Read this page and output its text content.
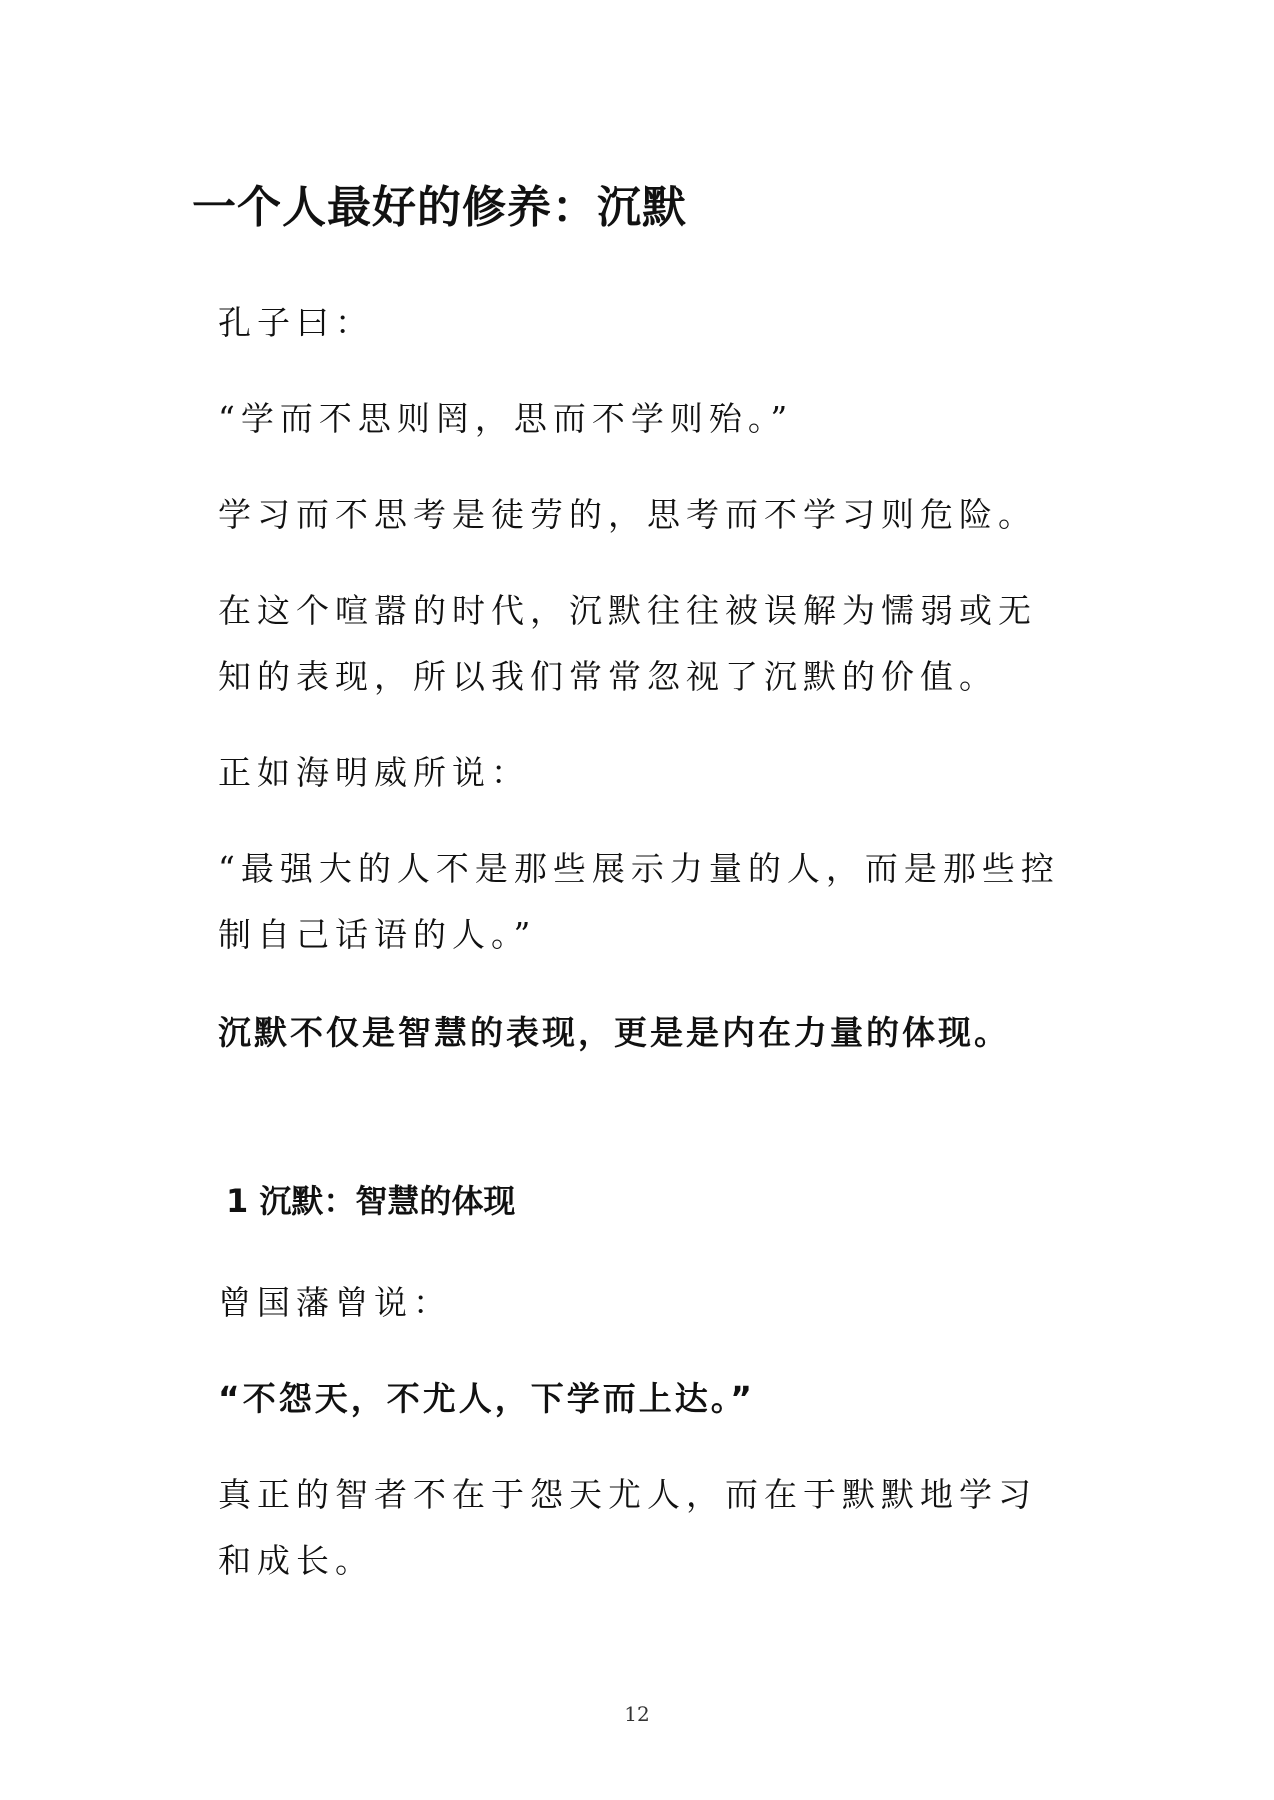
一个人最好的修养：沉默

孔子曰：

“学而不思则罔，思而不学则殆。”

学习而不思考是徒劳的，思考而不学习则危险。

在这个喧嚣的时代，沉默往往被误解为懦弱或无知的表现，所以我们常常忽视了沉默的价值。

正如海明威所说：

“最强大的人不是那些展示力量的人，而是那些控制自己话语的人。”

沉默不仅是智慧的表现，更是是内在力量的体现。

1 沉默：智慧的体现

曾国藩曾说：

“不怨天，不尤人，下学而上达。”

真正的智者不在于怨天尤人，而在于默默地学习和成长。

12
